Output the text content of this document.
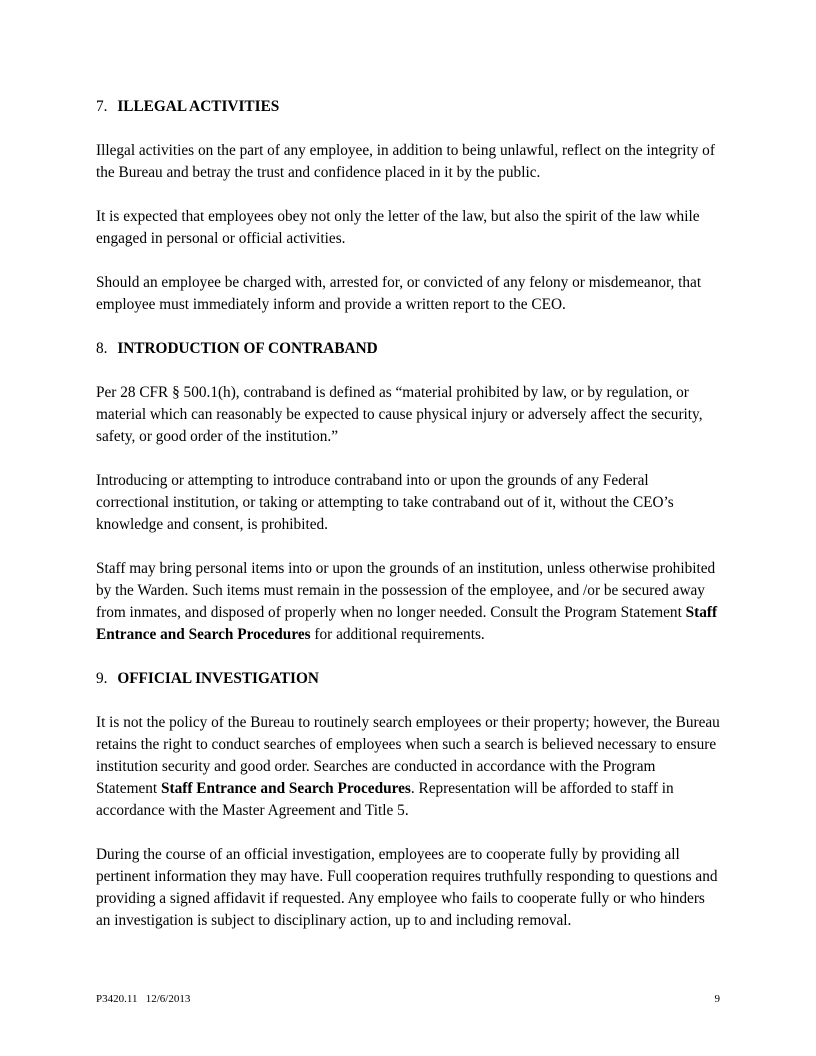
7. ILLEGAL ACTIVITIES

Illegal activities on the part of any employee, in addition to being unlawful, reflect on the integrity of the Bureau and betray the trust and confidence placed in it by the public.

It is expected that employees obey not only the letter of the law, but also the spirit of the law while engaged in personal or official activities.

Should an employee be charged with, arrested for, or convicted of any felony or misdemeanor, that employee must immediately inform and provide a written report to the CEO.

8. INTRODUCTION OF CONTRABAND

Per 28 CFR § 500.1(h), contraband is defined as “material prohibited by law, or by regulation, or material which can reasonably be expected to cause physical injury or adversely affect the security, safety, or good order of the institution.”

Introducing or attempting to introduce contraband into or upon the grounds of any Federal correctional institution, or taking or attempting to take contraband out of it, without the CEO’s knowledge and consent, is prohibited.

Staff may bring personal items into or upon the grounds of an institution, unless otherwise prohibited by the Warden. Such items must remain in the possession of the employee, and /or be secured away from inmates, and disposed of properly when no longer needed. Consult the Program Statement Staff Entrance and Search Procedures for additional requirements.

9. OFFICIAL INVESTIGATION

It is not the policy of the Bureau to routinely search employees or their property; however, the Bureau retains the right to conduct searches of employees when such a search is believed necessary to ensure institution security and good order. Searches are conducted in accordance with the Program Statement Staff Entrance and Search Procedures. Representation will be afforded to staff in accordance with the Master Agreement and Title 5.

During the course of an official investigation, employees are to cooperate fully by providing all pertinent information they may have. Full cooperation requires truthfully responding to questions and providing a signed affidavit if requested. Any employee who fails to cooperate fully or who hinders an investigation is subject to disciplinary action, up to and including removal.

P3420.11   12/6/2013	9
